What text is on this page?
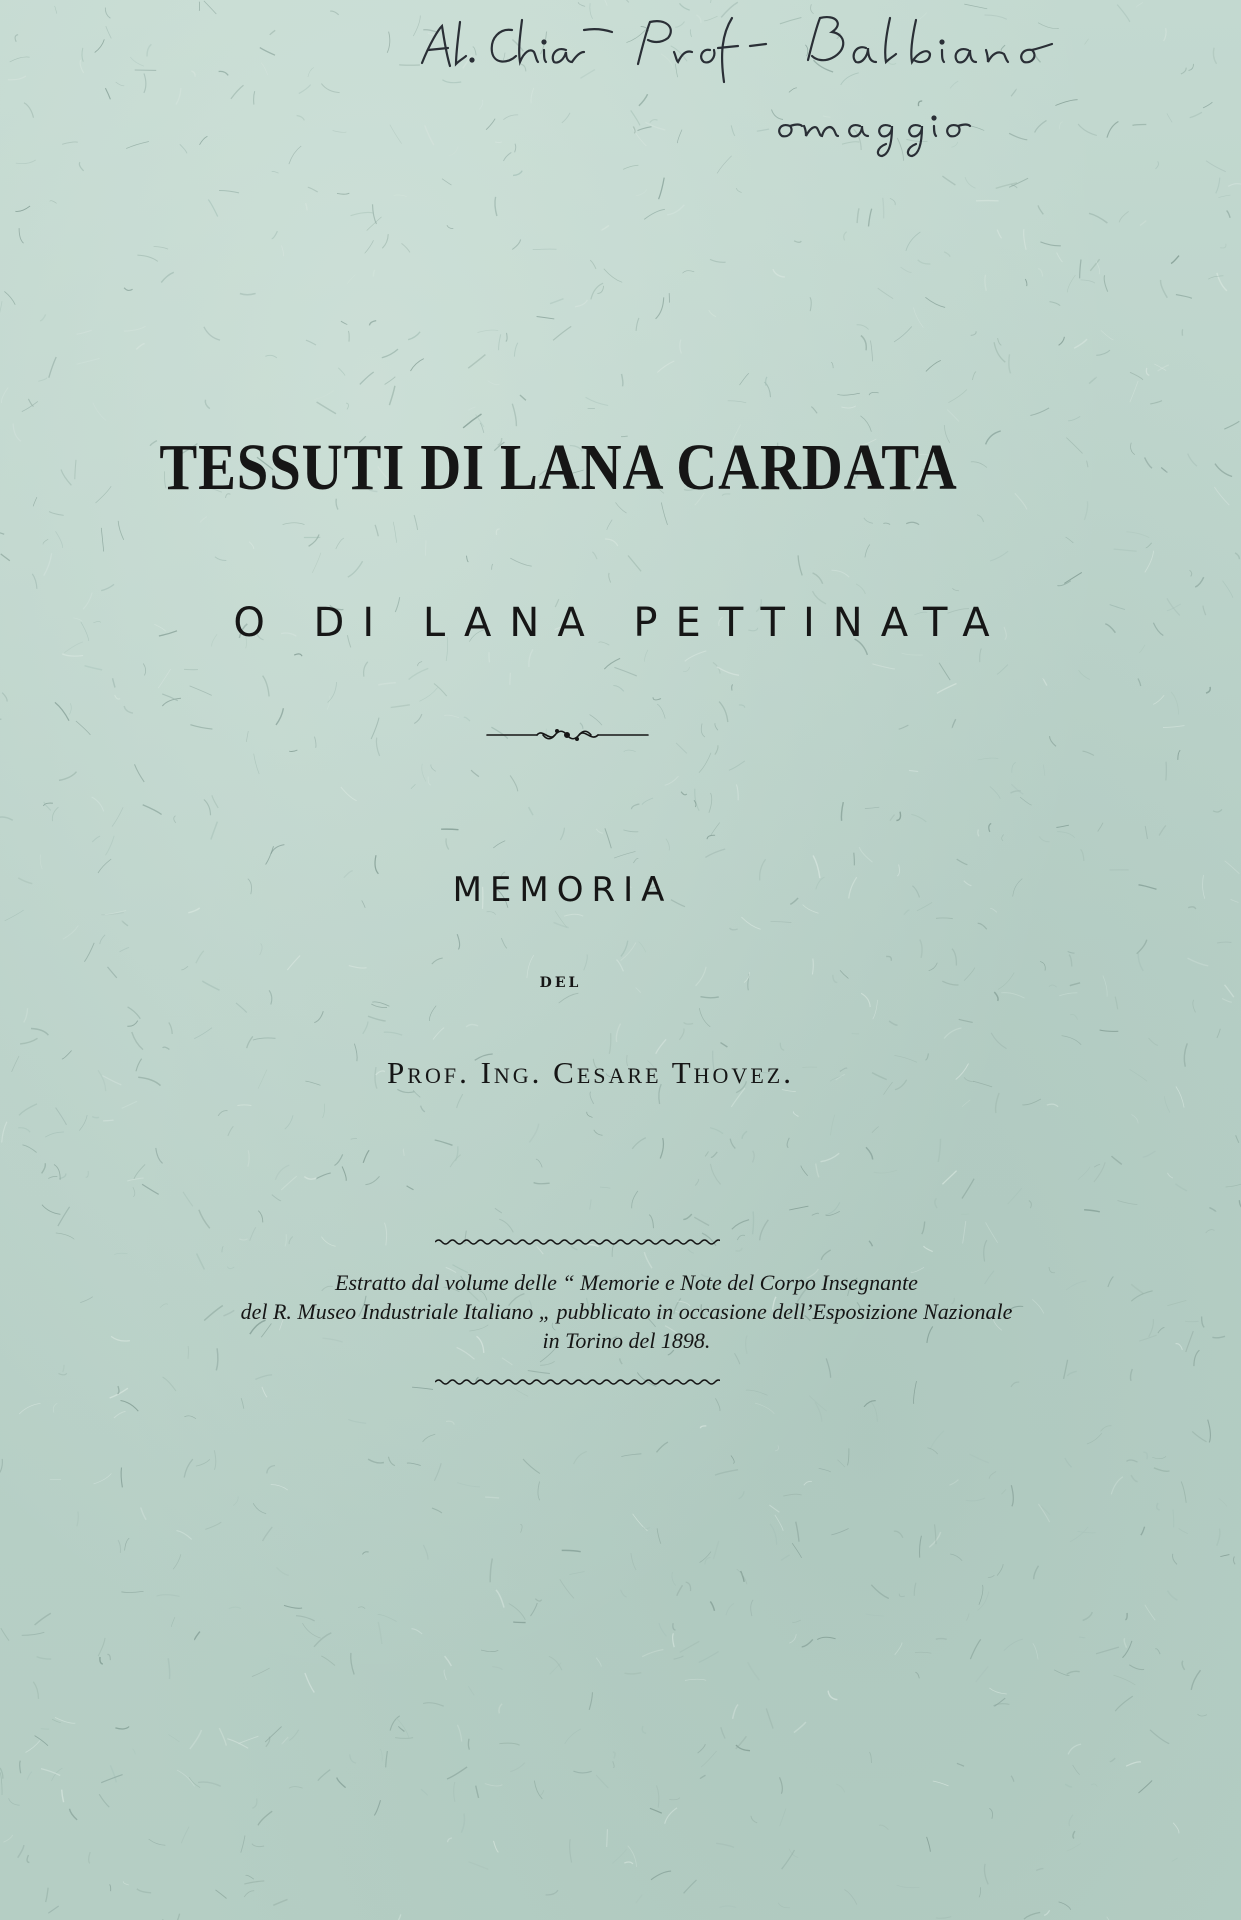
TESSUTI DI LANA CARDATA
O DI LANA PETTINATA
MEMORIA
DEL
Prof. Ing. Cesare Thovez.
Estratto dal volume delle “ Memorie e Note del Corpo Insegnante
del R. Museo Industriale Italiano „ pubblicato in occasione dell’Esposizione Nazionale
in Torino del 1898.
